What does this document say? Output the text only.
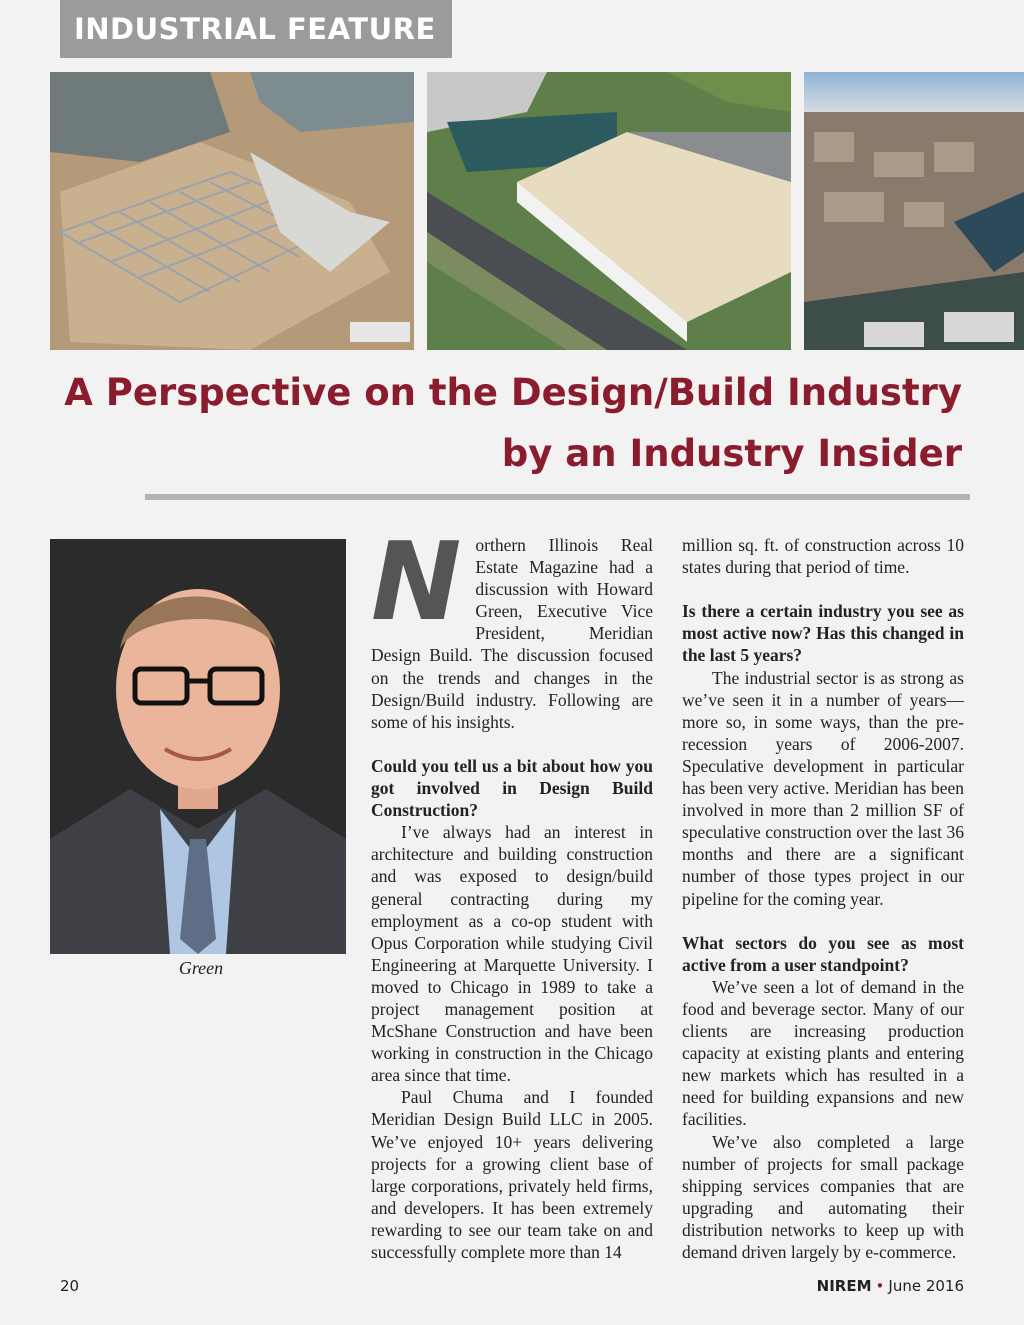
INDUSTRIAL FEATURE
A Perspective on the Design/Build Industry
by an Industry Insider
Green

Northern Illinois Real Estate Magazine had a discussion with Howard Green, Executive Vice President, Meridian Design Build. The discussion focused on the trends and changes in the Design/Build industry. Following are some of his insights.

Could you tell us a bit about how you got involved in Design Build Construction?

I’ve always had an interest in architecture and building construction and was exposed to design/build general contracting during my employment as a co-op student with Opus Corporation while studying Civil Engineering at Marquette University. I moved to Chicago in 1989 to take a project management position at McShane Construction and have been working in construction in the Chicago area since that time.

Paul Chuma and I founded Meridian Design Build LLC in 2005. We’ve enjoyed 10+ years delivering projects for a growing client base of large corporations, privately held firms, and developers. It has been extremely rewarding to see our team take on and successfully complete more than 14

million sq. ft. of construction across 10 states during that period of time.

Is there a certain industry you see as most active now? Has this changed in the last 5 years?

The industrial sector is as strong as we’ve seen it in a number of years—more so, in some ways, than the pre-recession years of 2006-2007. Speculative development in particular has been very active. Meridian has been involved in more than 2 million SF of speculative construction over the last 36 months and there are a significant number of those types project in our pipeline for the coming year.

What sectors do you see as most active from a user standpoint?

We’ve seen a lot of demand in the food and beverage sector. Many of our clients are increasing production capacity at existing plants and entering new markets which has resulted in a need for building expansions and new facilities.

We’ve also completed a large number of projects for small package shipping services companies that are upgrading and automating their distribution networks to keep up with demand driven largely by e-commerce.

20	NIREM • June 2016
